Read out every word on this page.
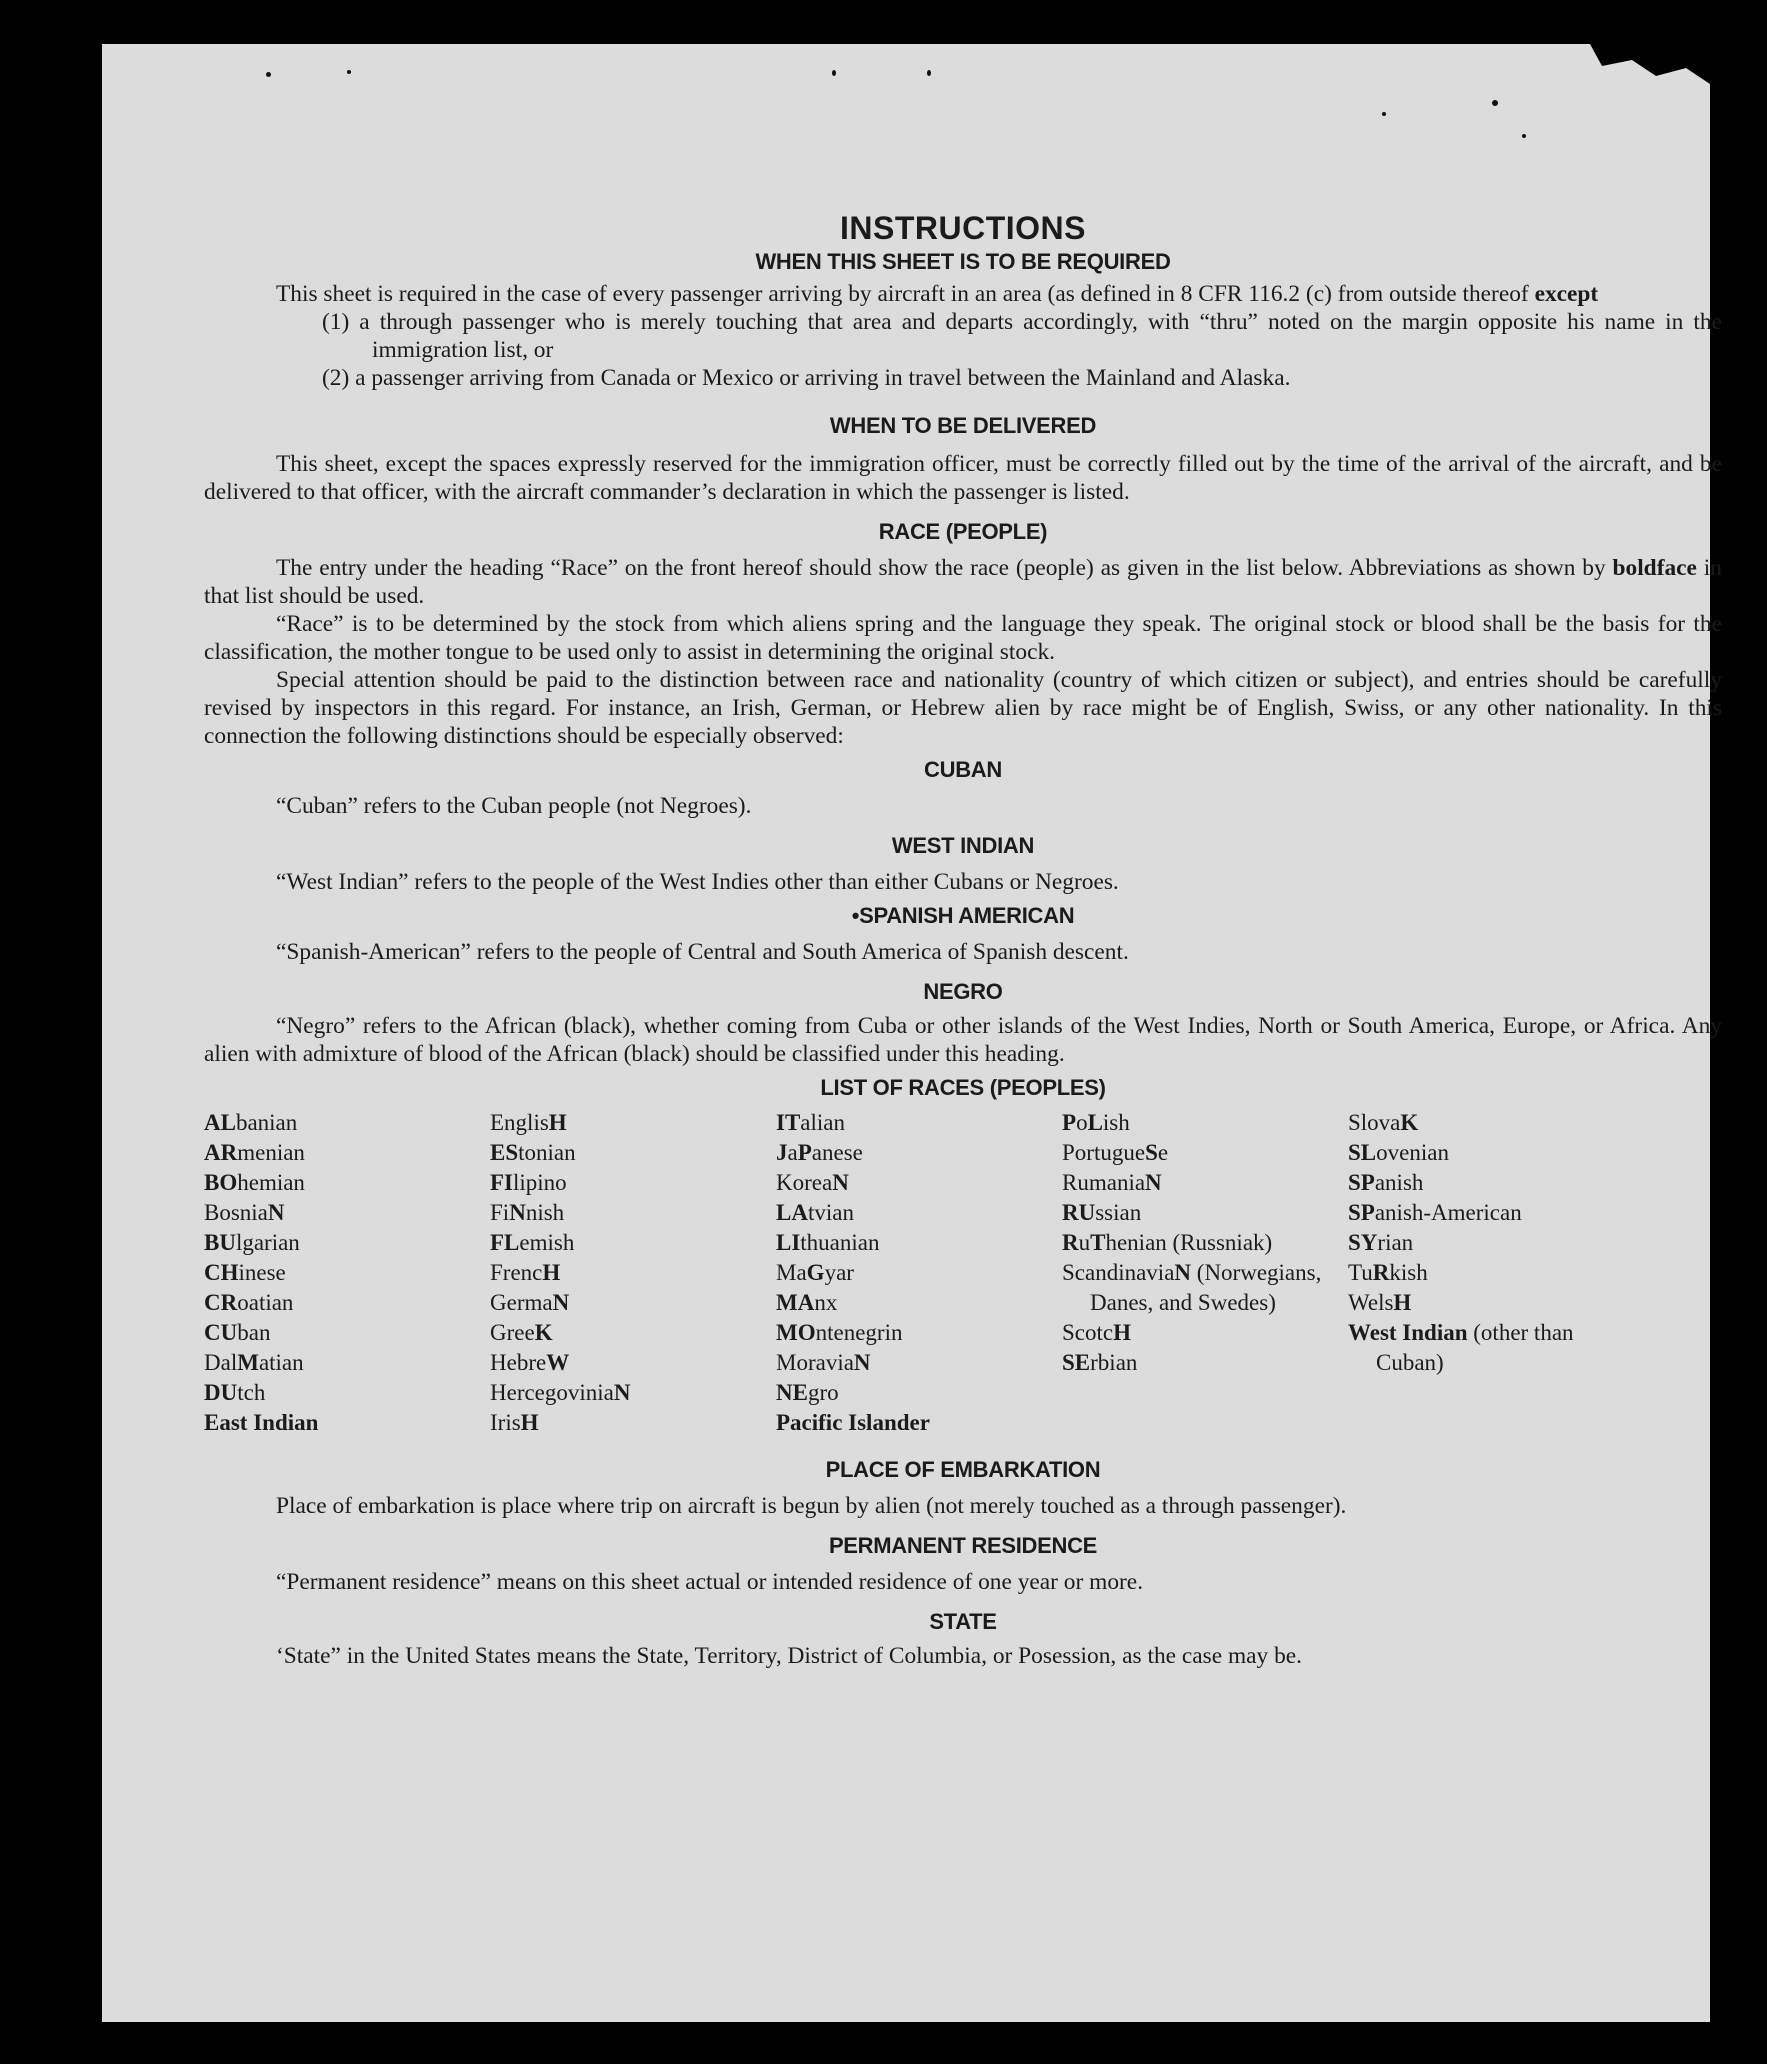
INSTRUCTIONS
WHEN THIS SHEET IS TO BE REQUIRED

This sheet is required in the case of every passenger arriving by aircraft in an area (as defined in 8 CFR 116.2 (c) from outside thereof except

(1) a through passenger who is merely touching that area and departs accordingly, with “thru” noted on the margin opposite his name in the immigration list, or

(2) a passenger arriving from Canada or Mexico or arriving in travel between the Mainland and Alaska.

WHEN TO BE DELIVERED

This sheet, except the spaces expressly reserved for the immigration officer, must be correctly filled out by the time of the arrival of the aircraft, and be delivered to that officer, with the aircraft commander’s declaration in which the passenger is listed.

RACE (PEOPLE)

The entry under the heading “Race” on the front hereof should show the race (people) as given in the list below. Abbreviations as shown by boldface in that list should be used.

“Race” is to be determined by the stock from which aliens spring and the language they speak. The original stock or blood shall be the basis for the classification, the mother tongue to be used only to assist in determining the original stock.

Special attention should be paid to the distinction between race and nationality (country of which citizen or subject), and entries should be carefully revised by inspectors in this regard. For instance, an Irish, German, or Hebrew alien by race might be of English, Swiss, or any other nationality. In this connection the following distinctions should be especially observed:

CUBAN

“Cuban” refers to the Cuban people (not Negroes).

WEST INDIAN

“West Indian” refers to the people of the West Indies other than either Cubans or Negroes.

•SPANISH AMERICAN

“Spanish-American” refers to the people of Central and South America of Spanish descent.

NEGRO

“Negro” refers to the African (black), whether coming from Cuba or other islands of the West Indies, North or South America, Europe, or Africa. Any alien with admixture of blood of the African (black) should be classified under this heading.

LIST OF RACES (PEOPLES)
ALbanian
ARmenian
BOhemian
BosniaN
BUlgarian
CHinese
CRoatian
CUban
DalMatian
DUtch
East Indian
EnglisH
EStonian
FIlipino
FiNnish
FLemish
FrencH
GermaN
GreeK
HebreW
HercegoviniaN
IrisH
ITalian
JaPanese
KoreaN
LAtvian
LIthuanian
MaGyar
MAnx
MOntenegrin
MoraviaN
NEgro
Pacific Islander
PoLish
PortugueSe
RumaniaN
RUssian
RuThenian (Russniak)
ScandinaviaN (Norwegians, Danes, and Swedes)
ScotcH
SErbian
SlovaK
SLovenian
SPanish
SPanish-American
SYrian
TuRkish
WelsH
West Indian (other than Cuban)
PLACE OF EMBARKATION

Place of embarkation is place where trip on aircraft is begun by alien (not merely touched as a through passenger).

PERMANENT RESIDENCE

“Permanent residence” means on this sheet actual or intended residence of one year or more.

STATE

‘State” in the United States means the State, Territory, District of Columbia, or Posession, as the case may be.
